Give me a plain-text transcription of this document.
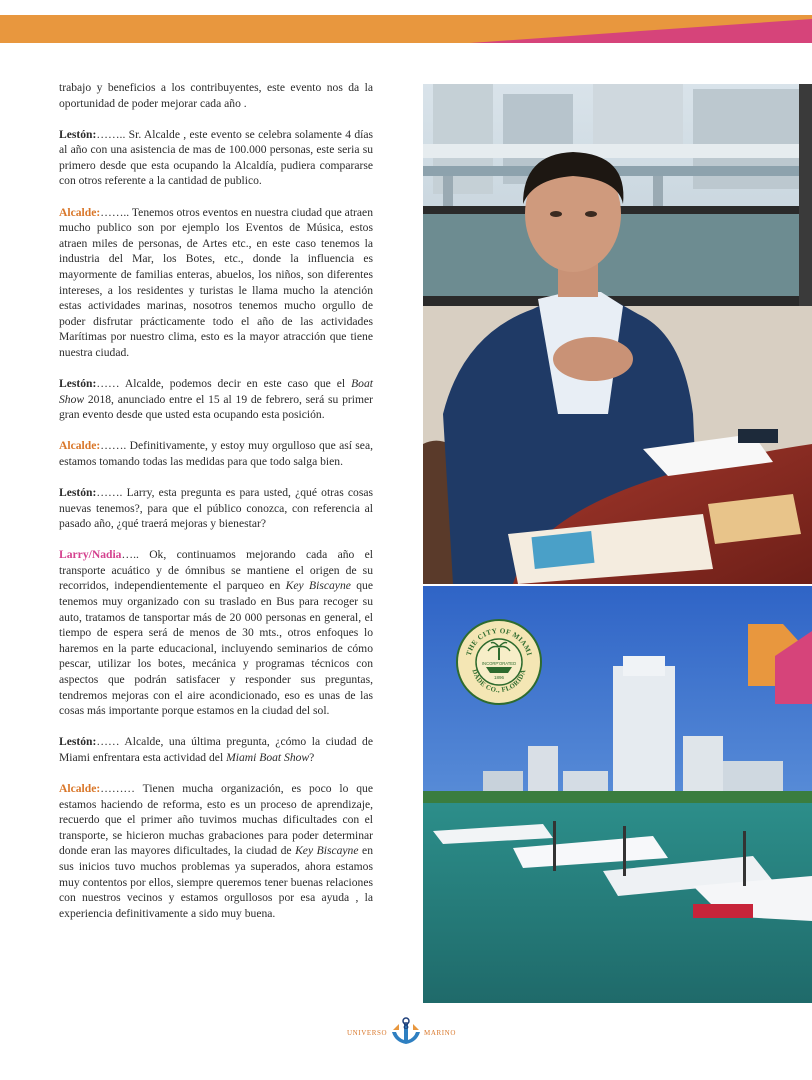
trabajo y beneficios a los contribuyentes, este evento nos da la oportunidad de poder mejorar cada año .

Lestón:…….. Sr. Alcalde , este evento se celebra solamente 4 días al año con una asistencia de mas de 100.000 personas, este seria su primero desde que esta ocupando la Alcaldía, pudiera compararse con otros referente a la cantidad de publico.

Alcalde:…….. Tenemos otros eventos en nuestra ciudad que atraen mucho publico son por ejemplo los Eventos de Música, estos atraen miles de personas, de Artes etc., en este caso tenemos la industria del Mar, los Botes, etc., donde la influencia es mayormente de familias enteras, abuelos, los niños, son diferentes intereses, a los residentes y turistas le llama mucho la atención estas actividades marinas, nosotros tenemos mucho orgullo de poder disfrutar prácticamente todo el año de las actividades Marítimas por nuestro clima, esto es la mayor atracción que tiene nuestra ciudad.

Lestón:…… Alcalde, podemos decir en este caso que el Boat Show 2018, anunciado entre el 15 al 19 de febrero, será su primer gran evento desde que usted esta ocupando esta posición.

Alcalde:……. Definitivamente, y estoy muy orgulloso que así sea, estamos tomando todas las medidas para que todo salga bien.

Lestón:……. Larry, esta pregunta es para usted, ¿qué otras cosas nuevas tenemos?, para que el público conozca, con referencia al pasado año, ¿qué traerá mejoras y bienestar?

Larry/Nadia….. Ok, continuamos mejorando cada año el transporte acuático y de ómnibus se mantiene el origen de su recorridos, independientemente el parqueo en Key Biscayne que tenemos muy organizado con su traslado en Bus para recoger su auto, tratamos de tansportar más de 20 000 personas en general, el tiempo de espera será de menos de 30 mts., otros enfoques lo haremos en la parte educacional, incluyendo seminarios de cómo pescar, utilizar los botes, mecánica y programas técnicos con aspectos que podrán satisfacer y responder sus preguntas, tendremos mejoras con el aire acondicionado, eso es unas de las cosas más importante porque estamos en la ciudad del sol.

Lestón:…… Alcalde, una última pregunta, ¿cómo la ciudad de Miami enfrentara esta actividad del Miami Boat Show?

Alcalde:……… Tienen mucha organización, es poco lo que estamos haciendo de reforma, esto es un proceso de aprendizaje, recuerdo que el primer año tuvimos muchas dificultades con el transporte, se hicieron muchas grabaciones para poder determinar donde eran las mayores dificultades, la ciudad de Key Biscayne en sus inicios tuvo muchos problemas ya superados, ahora estamos muy contentos por ellos, siempre queremos tener buenas relaciones con nuestros vecinos y estamos orgullosos por esa ayuda , la experiencia definitivamente a sido muy buena.

THE CITY OF MIAMI
DADE CO., FLORIDA
INCORP'ORATED
1896
UNIVERSO
8
MARINO
